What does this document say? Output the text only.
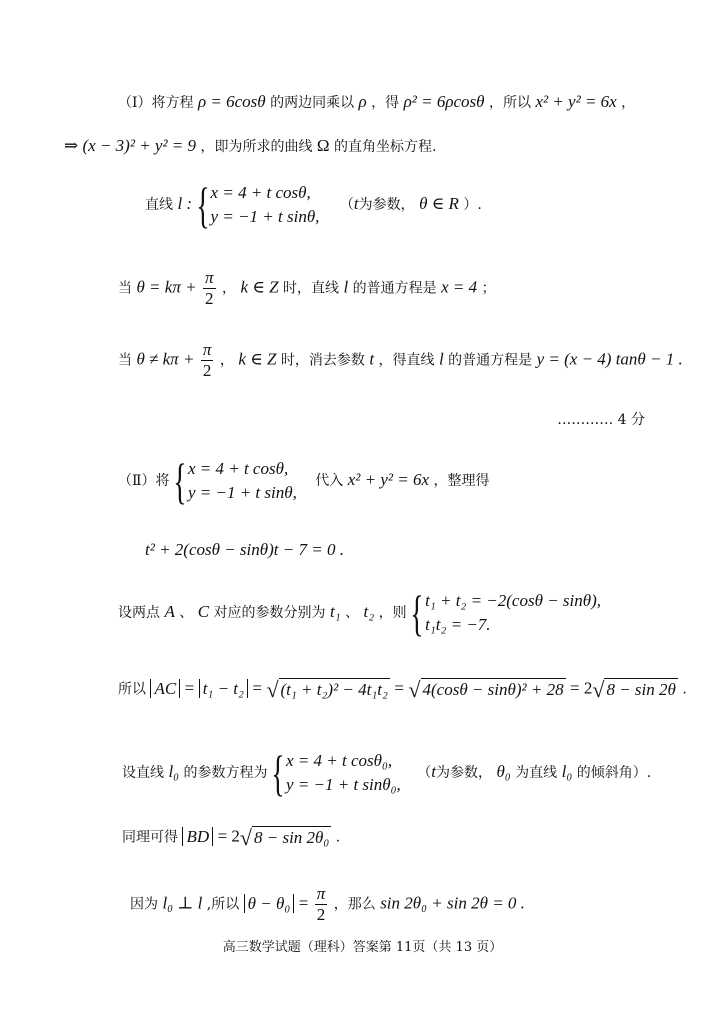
（Ⅰ）将方程 ρ = 6cosθ 的两边同乘以 ρ ，得 ρ² = 6ρcosθ ，所以 x² + y² = 6x ，
⇒ (x − 3)² + y² = 9 ，即为所求的曲线 Ω 的直角坐标方程.
直线 l : { x = 4 + t cosθ,
y = −1 + t sinθ,
（t为参数， θ ∈ R ）.
当 $\theta = k\pi + \frac{\pi}{2}$ ， k ∈ Z 时，直线 l 的普通方程是 x = 4 ；
当 $\theta \ne k\pi + \frac{\pi}{2}$ ， k ∈ Z 时，消去参数 t ，得直线 l 的普通方程是 y = (x − 4) tanθ − 1 .
………… 4 分
（Ⅱ）将 { x = 4 + t cosθ,
y = −1 + t sinθ,
代入 x² + y² = 6x ，整理得
t² + 2(cosθ − sinθ)t − 7 = 0 .
设两点 A 、 C 对应的参数分别为 t₁ 、 t₂ ，则 { t₁ + t₂ = −2(cosθ − sinθ),
t₁t₂ = −7.
所以 AC = t₁ − t₂ = √ (t₁ + t₂)² − 4t₁t₂ = √ 4(cosθ − sinθ)² + 28 = 2 √ 8 − sin 2θ .
设直线 l₀ 的参数方程为 { x = 4 + t cosθ₀,
y = −1 + t sinθ₀,
（t为参数， θ₀ 为直线 l₀ 的倾斜角）.
同理可得 BD = 2 √ 8 − sin 2θ₀ .
因为 l₀ ⊥ l ,所以 $\theta - \theta_0 = \frac{\pi}{2}$ ，那么 sin 2θ₀ + sin 2θ = 0 .
高三数学试题（理科）答案第 11页（共 13 页）
